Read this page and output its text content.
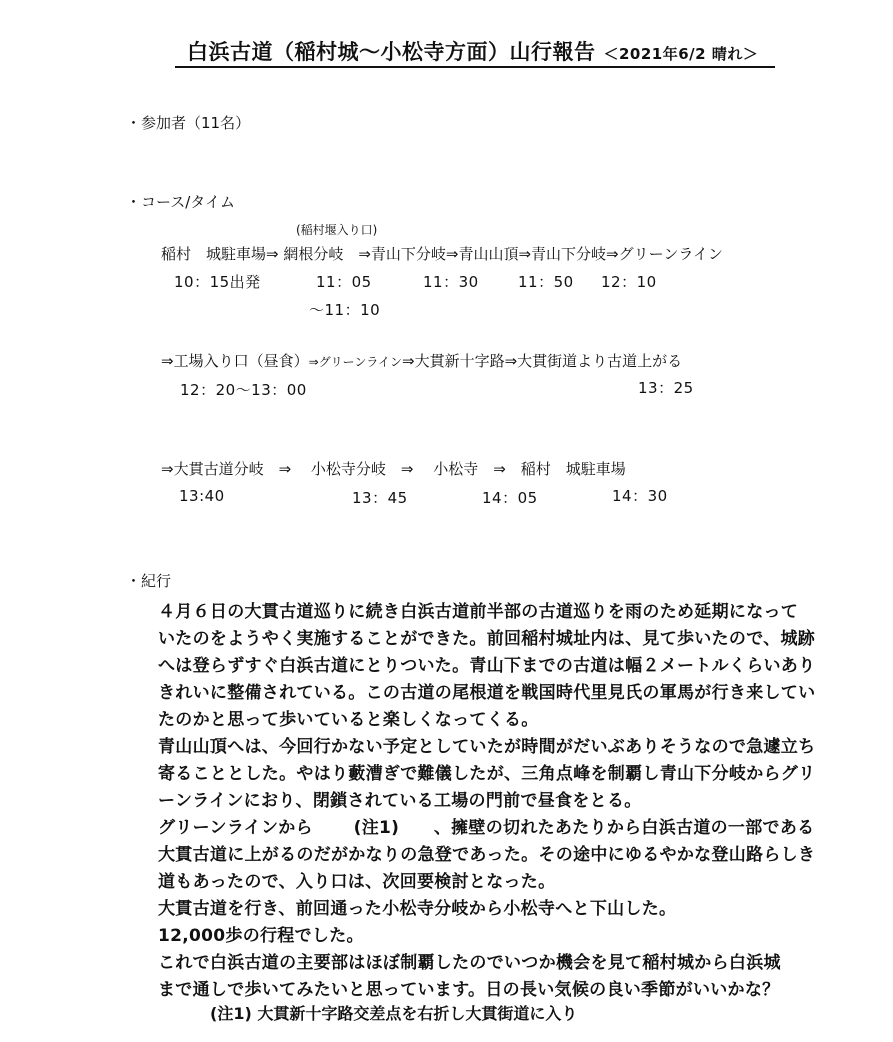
白浜古道（稲村城～小松寺方面）山行報告 ＜2021年6/2 晴れ＞
・参加者（11名）
・コース/タイム
(稲村堰入り口)
稲村　城駐車場⇒ 網根分岐　⇒青山下分岐⇒青山山頂⇒青山下分岐⇒グリーンライン
10：15出発	11：05
～11：10
11：30	11：50 12：10
⇒工場入り口（昼食）⇒グリーンライン⇒大貫新十字路⇒大貫街道より古道上がる
12：20～13：00	13：25
⇒大貫古道分岐　⇒　 小松寺分岐　⇒　 小松寺　⇒　稲村　城駐車場
13:40	13：45	14：05	14：30
・紀行
４月６日の大貫古道巡りに続き白浜古道前半部の古道巡りを雨のため延期になって
いたのをようやく実施することができた。前回稲村城址内は、見て歩いたので、城跡
へは登らずすぐ白浜古道にとりついた。青山下までの古道は幅２メートルくらいあり
きれいに整備されている。この古道の尾根道を戦国時代里見氏の軍馬が行き来してい
たのかと思って歩いていると楽しくなってくる。
青山山頂へは、今回行かない予定としていたが時間がだいぶありそうなので急遽立ち
寄ることとした。やはり藪漕ぎで難儀したが、三角点峰を制覇し青山下分岐からグリ
ーンラインにおり、閉鎖されている工場の門前で昼食をとる。
グリーンラインから　　 (注1)　　、擁壁の切れたあたりから白浜古道の一部である
大貫古道に上がるのだがかなりの急登であった。その途中にゆるやかな登山路らしき
道もあったので、入り口は、次回要検討となった。
大貫古道を行き、前回通った小松寺分岐から小松寺へと下山した。
12,000歩の行程でした。
これで白浜古道の主要部はほぼ制覇したのでいつか機会を見て稲村城から白浜城
まで通しで歩いてみたいと思っています。日の長い気候の良い季節がいいかな？
(注1) 大貫新十字路交差点を右折し大貫街道に入り
